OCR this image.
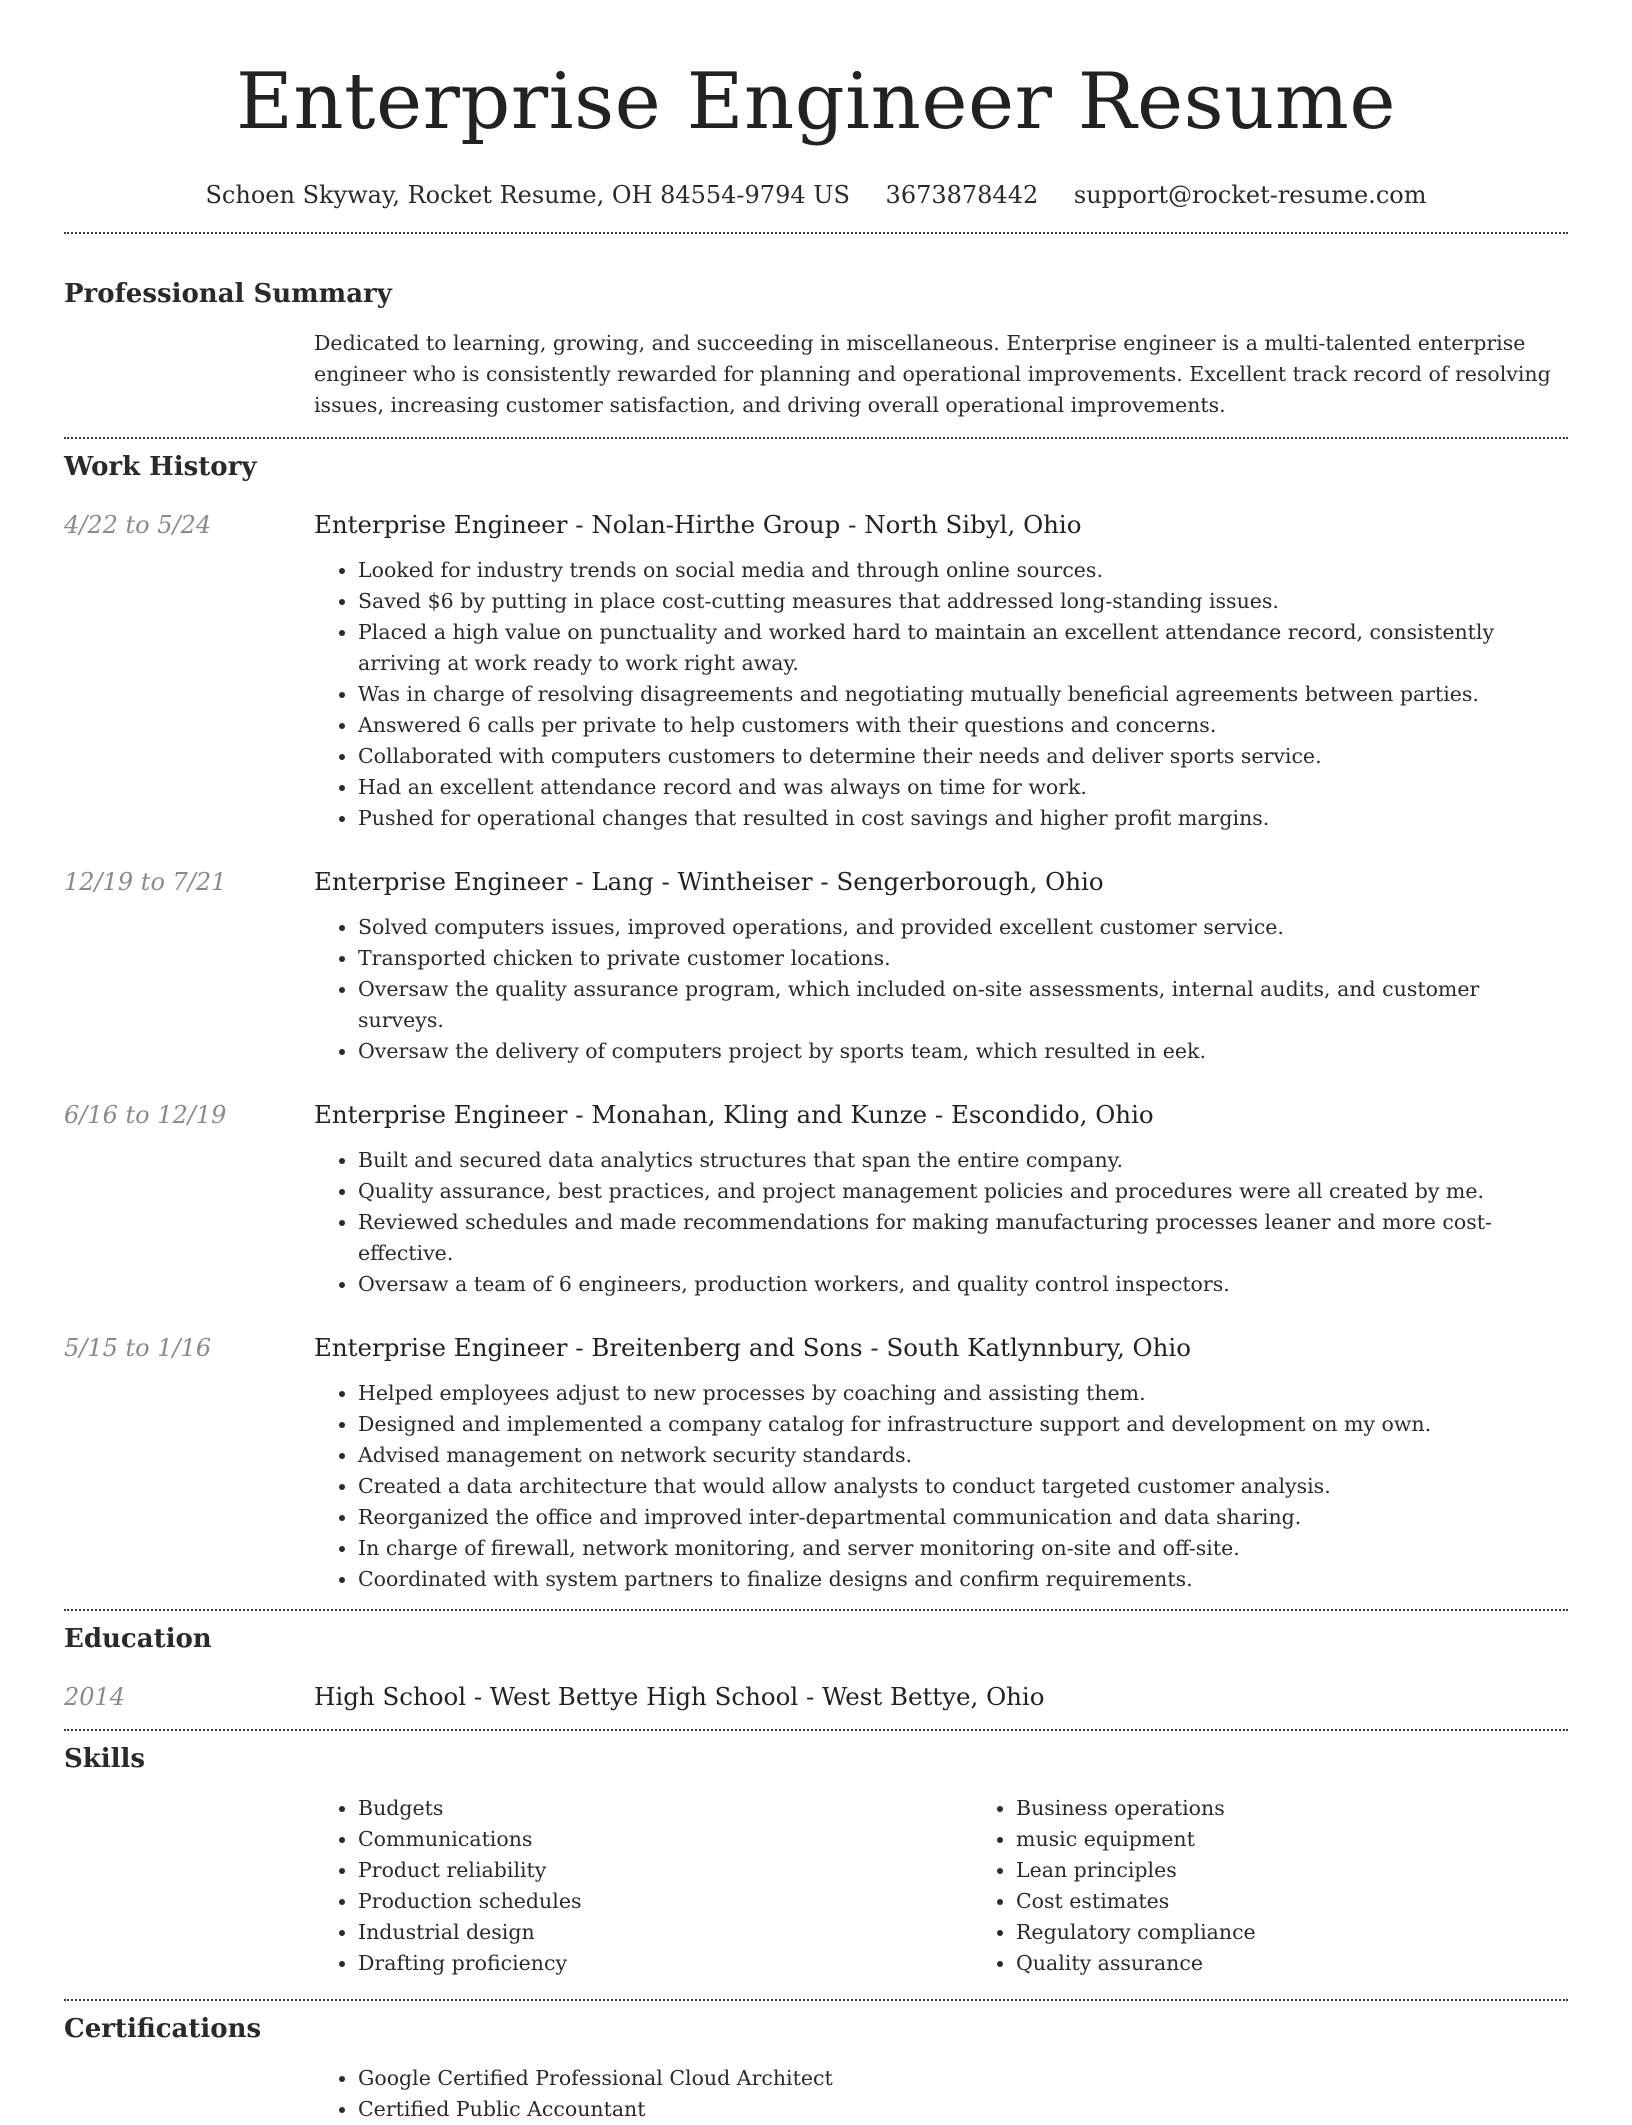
Enterprise Engineer Resume
Schoen Skyway, Rocket Resume, OH 84554-9794 US 3673878442 support@rocket-resume.com
Professional Summary

Dedicated to learning, growing, and succeeding in miscellaneous. Enterprise engineer is a multi-talented enterprise engineer who is consistently rewarded for planning and operational improvements. Excellent track record of resolving issues, increasing customer satisfaction, and driving overall operational improvements.

Work History
4/22 to 5/24	Enterprise Engineer - Nolan-Hirthe Group - North Sibyl, Ohio
• Looked for industry trends on social media and through online sources.
• Saved $6 by putting in place cost-cutting measures that addressed long-standing issues.
• Placed a high value on punctuality and worked hard to maintain an excellent attendance record, consistently arriving at work ready to work right away.
• Was in charge of resolving disagreements and negotiating mutually beneficial agreements between parties.
• Answered 6 calls per private to help customers with their questions and concerns.
• Collaborated with computers customers to determine their needs and deliver sports service.
• Had an excellent attendance record and was always on time for work.
• Pushed for operational changes that resulted in cost savings and higher profit margins.
12/19 to 7/21	Enterprise Engineer - Lang - Wintheiser - Sengerborough, Ohio
• Solved computers issues, improved operations, and provided excellent customer service.
• Transported chicken to private customer locations.
• Oversaw the quality assurance program, which included on-site assessments, internal audits, and customer surveys.
• Oversaw the delivery of computers project by sports team, which resulted in eek.
6/16 to 12/19	Enterprise Engineer - Monahan, Kling and Kunze - Escondido, Ohio
• Built and secured data analytics structures that span the entire company.
• Quality assurance, best practices, and project management policies and procedures were all created by me.
• Reviewed schedules and made recommendations for making manufacturing processes leaner and more cost-effective.
• Oversaw a team of 6 engineers, production workers, and quality control inspectors.
5/15 to 1/16	Enterprise Engineer - Breitenberg and Sons - South Katlynnbury, Ohio
• Helped employees adjust to new processes by coaching and assisting them.
• Designed and implemented a company catalog for infrastructure support and development on my own.
• Advised management on network security standards.
• Created a data architecture that would allow analysts to conduct targeted customer analysis.
• Reorganized the office and improved inter-departmental communication and data sharing.
• In charge of firewall, network monitoring, and server monitoring on-site and off-site.
• Coordinated with system partners to finalize designs and confirm requirements.
Education
2014	High School - West Bettye High School - West Bettye, Ohio
Skills
• Budgets
• Communications
• Product reliability
• Production schedules
• Industrial design
• Drafting proficiency
• Business operations
• music equipment
• Lean principles
• Cost estimates
• Regulatory compliance
• Quality assurance
Certifications
• Google Certified Professional Cloud Architect
• Certified Public Accountant
